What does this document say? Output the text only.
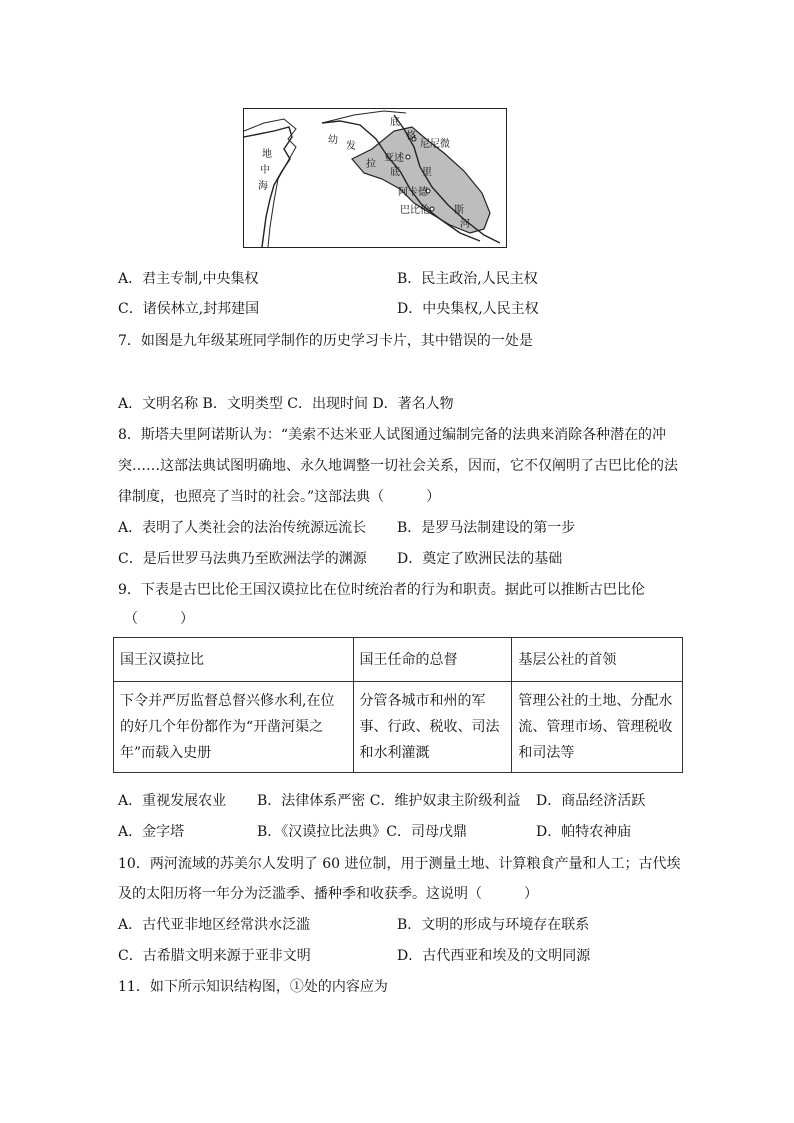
地
中
海
幼
发
拉
底
底
格
里
斯
河
尼尼微
亚述
阿卡德
巴比伦
A．君主专制,中央集权	B．民主政治,人民主权
C．诸侯林立,封邦建国	D．中央集权,人民主权
7．如图是九年级某班同学制作的历史学习卡片，其中错误的一处是
A．文明名称 B．文明类型 C．出现时间 D．著名人物
8．斯塔夫里阿诺斯认为：“美索不达米亚人试图通过编制完备的法典来消除各种潜在的冲
突……这部法典试图明确地、永久地调整一切社会关系，因而，它不仅阐明了古巴比伦的法
律制度，也照亮了当时的社会。”这部法典（　　　）
A．表明了人类社会的法治传统源远流长 B．是罗马法制建设的第一步
C．是后世罗马法典乃至欧洲法学的渊源 D．奠定了欧洲民法的基础
9．下表是古巴比伦王国汉谟拉比在位时统治者的行为和职责。据此可以推断古巴比伦
（　　　）
国王汉谟拉比	国王任命的总督	基层公社的首领
下令并严厉监督总督兴修水利,在位的好几个年份都作为“开凿河渠之年”而载入史册	分管各城市和州的军事、行政、税收、司法和水利灌溉	管理公社的土地、分配水流、管理市场、管理税收和司法等
A．重视发展农业 B．法律体系严密 C．维护奴隶主阶级利益 D．商品经济活跃
A．金字塔	B．《汉谟拉比法典》C．司母戊鼎	D．帕特农神庙
10．两河流域的苏美尔人发明了 60 进位制，用于测量土地、计算粮食产量和人工；古代埃
及的太阳历将一年分为泛滥季、播种季和收获季。这说明（　　　）
A．古代亚非地区经常洪水泛滥	B．文明的形成与环境存在联系
C．古希腊文明来源于亚非文明	D．古代西亚和埃及的文明同源
11．如下所示知识结构图，①处的内容应为
